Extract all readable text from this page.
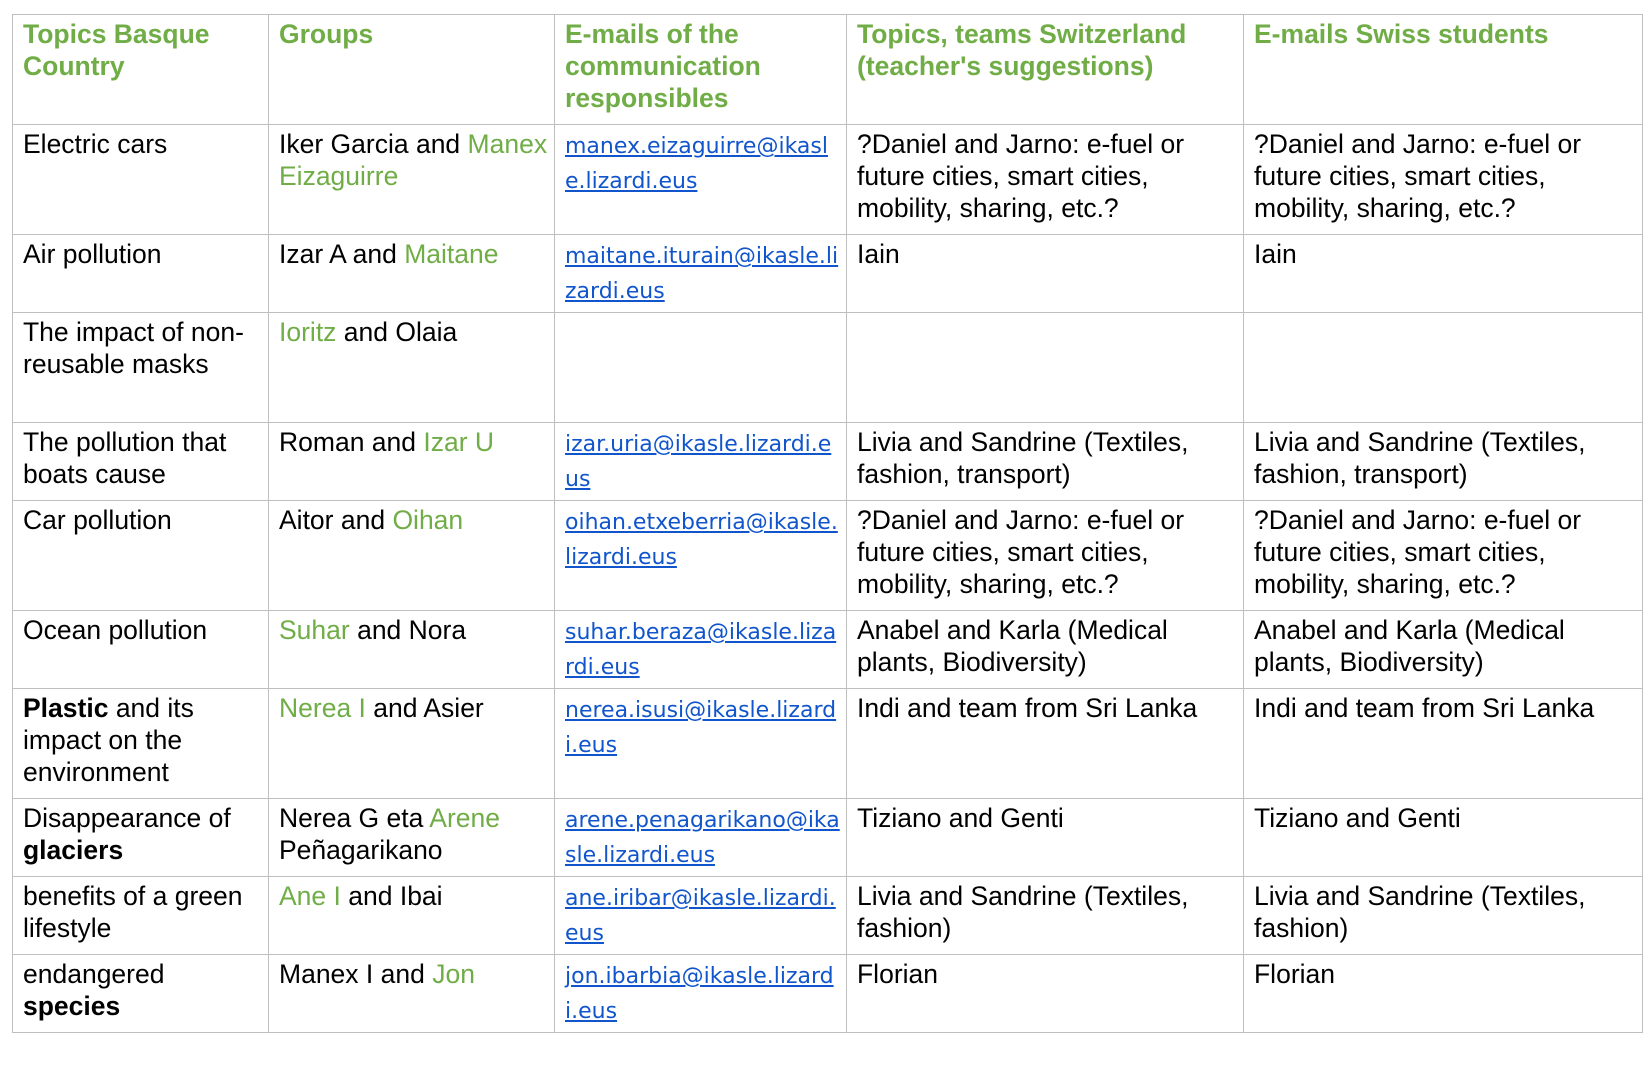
Topics Basque Country	Groups	E-mails of the communication responsibles	Topics, teams Switzerland (teacher's suggestions)	E-mails Swiss students
Electric cars	Iker Garcia and Manex Eizaguirre	manex.eizaguirre@ikasle.lizardi.eus	?Daniel and Jarno: e-fuel or future cities, smart cities, mobility, sharing, etc.?	?Daniel and Jarno: e-fuel or future cities, smart cities, mobility, sharing, etc.?
Air pollution	Izar A and Maitane	maitane.iturain@ikasle.lizardi.eus	Iain	Iain
The impact of non-reusable masks	Ioritz and Olaia			
The pollution that boats cause	Roman and Izar U	izar.uria@ikasle.lizardi.eus	Livia and Sandrine (Textiles, fashion, transport)	Livia and Sandrine (Textiles, fashion, transport)
Car pollution	Aitor and Oihan	oihan.etxeberria@ikasle.lizardi.eus	?Daniel and Jarno: e-fuel or future cities, smart cities, mobility, sharing, etc.?	?Daniel and Jarno: e-fuel or future cities, smart cities, mobility, sharing, etc.?
Ocean pollution	Suhar and Nora	suhar.beraza@ikasle.lizardi.eus	Anabel and Karla (Medical plants, Biodiversity)	Anabel and Karla (Medical plants, Biodiversity)
Plastic and its impact on the environment	Nerea I and Asier	nerea.isusi@ikasle.lizardi.eus	Indi and team from Sri Lanka	Indi and team from Sri Lanka
Disappearance of glaciers	Nerea G eta Arene Peñagarikano	arene.penagarikano@ikasle.lizardi.eus	Tiziano and Genti	Tiziano and Genti
benefits of a green lifestyle	Ane I and Ibai	ane.iribar@ikasle.lizardi.eus	Livia and Sandrine (Textiles, fashion)	Livia and Sandrine (Textiles, fashion)
endangered species	Manex I and Jon	jon.ibarbia@ikasle.lizardi.eus	Florian	Florian
